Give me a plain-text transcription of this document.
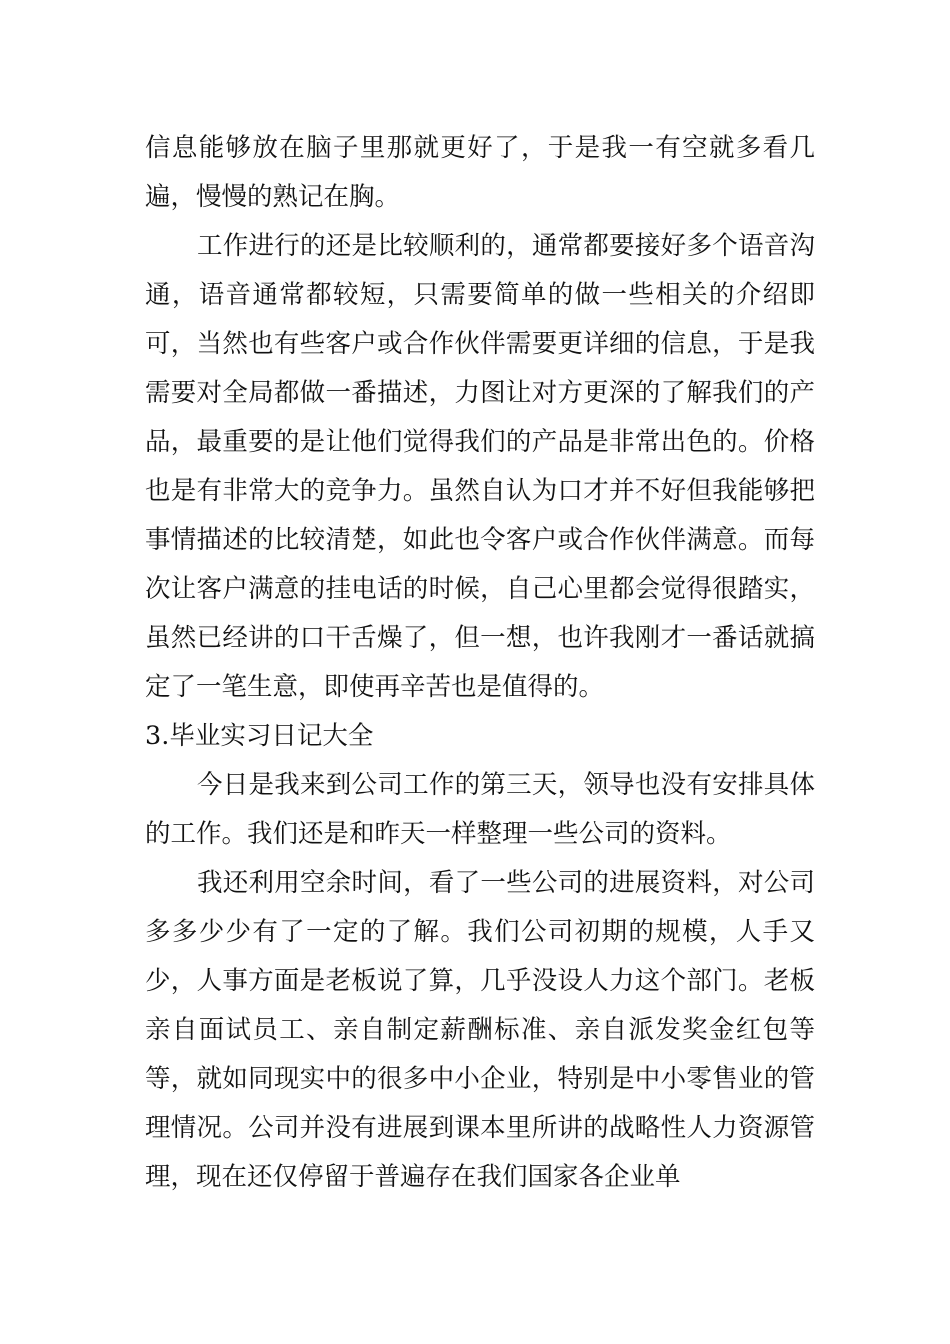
信息能够放在脑子里那就更好了，于是我一有空就多看几遍，慢慢的熟记在胸。

工作进行的还是比较顺利的，通常都要接好多个语音沟通，语音通常都较短，只需要简单的做一些相关的介绍即可，当然也有些客户或合作伙伴需要更详细的信息，于是我需要对全局都做一番描述，力图让对方更深的了解我们的产品，最重要的是让他们觉得我们的产品是非常出色的。价格也是有非常大的竞争力。虽然自认为口才并不好但我能够把事情描述的比较清楚，如此也令客户或合作伙伴满意。而每次让客户满意的挂电话的时候，自己心里都会觉得很踏实，虽然已经讲的口干舌燥了，但一想，也许我刚才一番话就搞定了一笔生意，即使再辛苦也是值得的。

3.毕业实习日记大全

今日是我来到公司工作的第三天，领导也没有安排具体的工作。我们还是和昨天一样整理一些公司的资料。

我还利用空余时间，看了一些公司的进展资料，对公司多多少少有了一定的了解。我们公司初期的规模，人手又少，人事方面是老板说了算，几乎没设人力这个部门。老板亲自面试员工、亲自制定薪酬标准、亲自派发奖金红包等等，就如同现实中的很多中小企业，特别是中小零售业的管理情况。公司并没有进展到课本里所讲的战略性人力资源管理，现在还仅停留于普遍存在我们国家各企业单
